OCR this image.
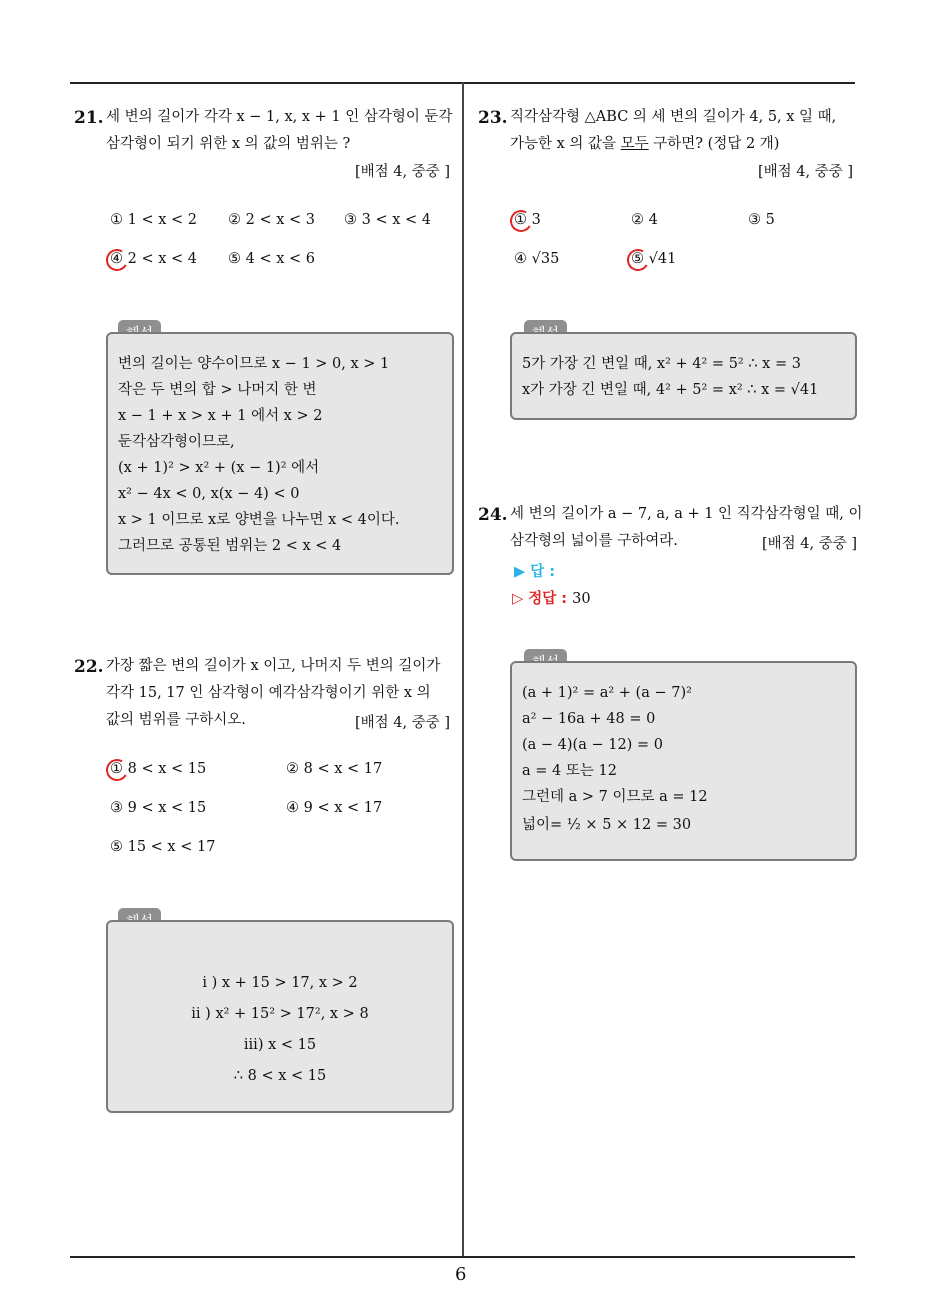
6
21. 세 변의 길이가 각각 x − 1, x, x + 1 인 삼각형이 둔각
삼각형이 되기 위한 x 의 값의 범위는 ?
[배점 4, 중중 ]
① 1 < x < 2 ② 2 < x < 3 ③ 3 < x < 4
④ 2 < x < 4 ⑤ 4 < x < 6
변의 길이는 양수이므로 x − 1 > 0, x > 1
작은 두 변의 합 > 나머지 한 변
x − 1 + x > x + 1 에서 x > 2
둔각삼각형이므로,
(x + 1)² > x² + (x − 1)² 에서
x² − 4x < 0, x(x − 4) < 0
x > 1 이므로 x로 양변을 나누면 x < 4이다.
그러므로 공통된 범위는 2 < x < 4
22. 가장 짧은 변의 길이가 x 이고, 나머지 두 변의 길이가
각각 15, 17 인 삼각형이 예각삼각형이기 위한 x 의
값의 범위를 구하시오.	[배점 4, 중중 ]
① 8 < x < 15	② 8 < x < 17
③ 9 < x < 15	④ 9 < x < 17
⑤ 15 < x < 17
i ) x + 15 > 17, x > 2
ii ) x² + 15² > 17², x > 8
iii) x < 15
∴ 8 < x < 15
23. 직각삼각형 △ABC 의 세 변의 길이가 4, 5, x 일 때,
가능한 x 의 값을 모두 구하면? (정답 2 개)
[배점 4, 중중 ]
① 3	② 4	③ 5
④ √35	⑤ √41
5가 가장 긴 변일 때, x² + 4² = 5² ∴ x = 3
x가 가장 긴 변일 때, 4² + 5² = x² ∴ x = √41
24. 세 변의 길이가 a − 7, a, a + 1 인 직각삼각형일 때, 이
삼각형의 넓이를 구하여라.	[배점 4, 중중 ]
▶ 답 :
▷ 정답 : 30
(a + 1)² = a² + (a − 7)²
a² − 16a + 48 = 0
(a − 4)(a − 12) = 0
a = 4 또는 12
그런데 a > 7 이므로 a = 12
넓이= ½ × 5 × 12 = 30
